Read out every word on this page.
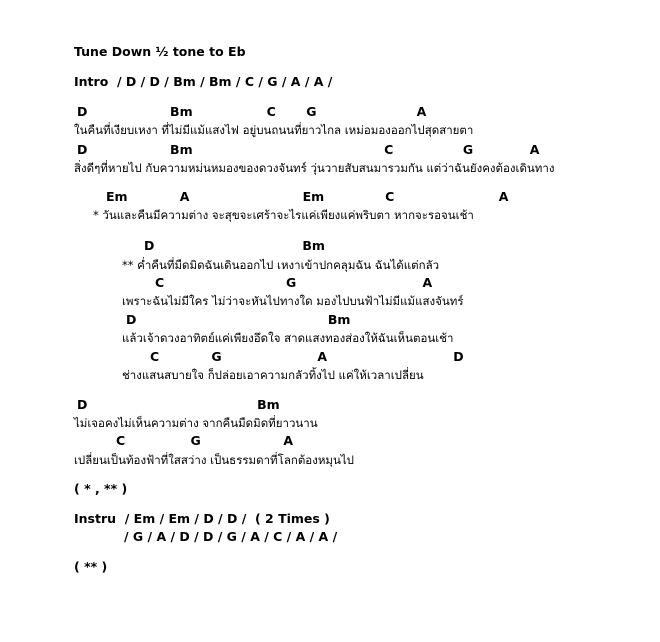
Tune Down ½ tone to Eb
Intro  / D / D / Bm / Bm / C / G / A / A /
D                   Bm                 C       G                       A
ในคืนที่เงียบเหงา ที่ไม่มีแม้แสงไฟ อยู่บนถนนที่ยาวไกล เหม่อมองออกไปสุดสายตา
D                   Bm                                            C                G             A
สิ่งดีๆที่หายไป กับความหม่นหมองของดวงจันทร์ วุ่นวายสับสนมารวมกัน แต่ว่าฉันยังคงต้องเดินทาง
Em            A                          Em              C                        A
* วันและคืนมีความต่าง จะสุขจะเศร้าจะไรแค่เพียงแค่พริบตา หากจะรอจนเช้า
D                                  Bm
** ค่ำคืนที่มืดมิดฉันเดินออกไป เหงาเข้าปกคลุมฉัน ฉันได้แต่กลัว
C                            G                             A
เพราะฉันไม่มีใคร ไม่ว่าจะหันไปทางใด มองไปบนฟ้าไม่มีแม้แสงจันทร์
D                                            Bm
แล้วเจ้าดวงอาทิตย์แค่เพียงอึดใจ สาดแสงทองส่องให้ฉันเห็นตอนเช้า
C            G                      A                             D
ช่างแสนสบายใจ ก็ปล่อยเอาความกลัวทิ้งไป แค่ให้เวลาเปลี่ยน
D                                       Bm
ไม่เจอคงไม่เห็นความต่าง จากคืนมืดมิดที่ยาวนาน
C               G                   A
เปลี่ยนเป็นท้องฟ้าที่ใสสว่าง เป็นธรรมดาที่โลกต้องหมุนไป
( * , ** )
Instru  / Em / Em / D / D /  ( 2 Times )
/ G / A / D / D / G / A / C / A / A /
( ** )
